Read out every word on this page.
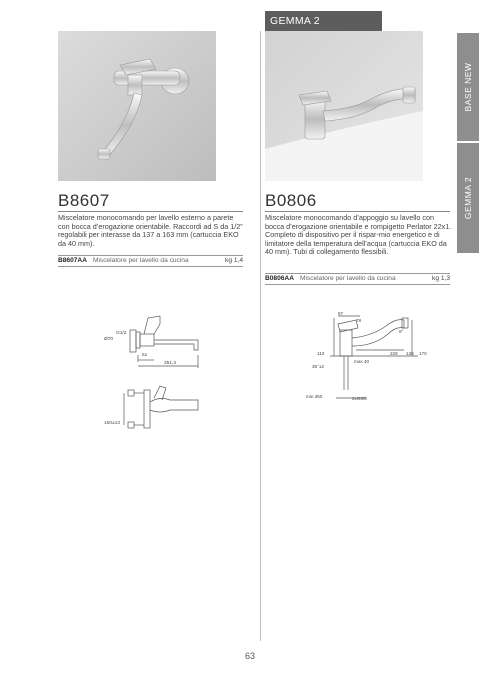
GEMMA 2
BASE NEW
GEMMA 2
B8607
Miscelatore monocomando per lavello esterno a parete con bocca d’erogazione orientabile. Raccordi ad S da 1/2” regolabili per interasse da 137 a 163 mm (cartuccia EKO da 40 mm).
B8607AA Miscelatore per lavello da cucina	kg 1,4
G1/2
Ø70
51
251,3
150±13
B0806
Miscelatore monocomando d’appoggio su lavello con bocca d’erogazione orientabile e rompigetto Perlator 22x1. Completo di dispositivo per il rispar-mio energetico e di limitatore della temperatura dell’acqua (cartuccia EKO da 40 mm). Tubi di collegamento flessibili.
B0806AA Miscelatore per lavello da cucina	kg 1,3
87
78
8°
113	226 138 170
max 40
35°±2
min 350	2xG3/8
63
